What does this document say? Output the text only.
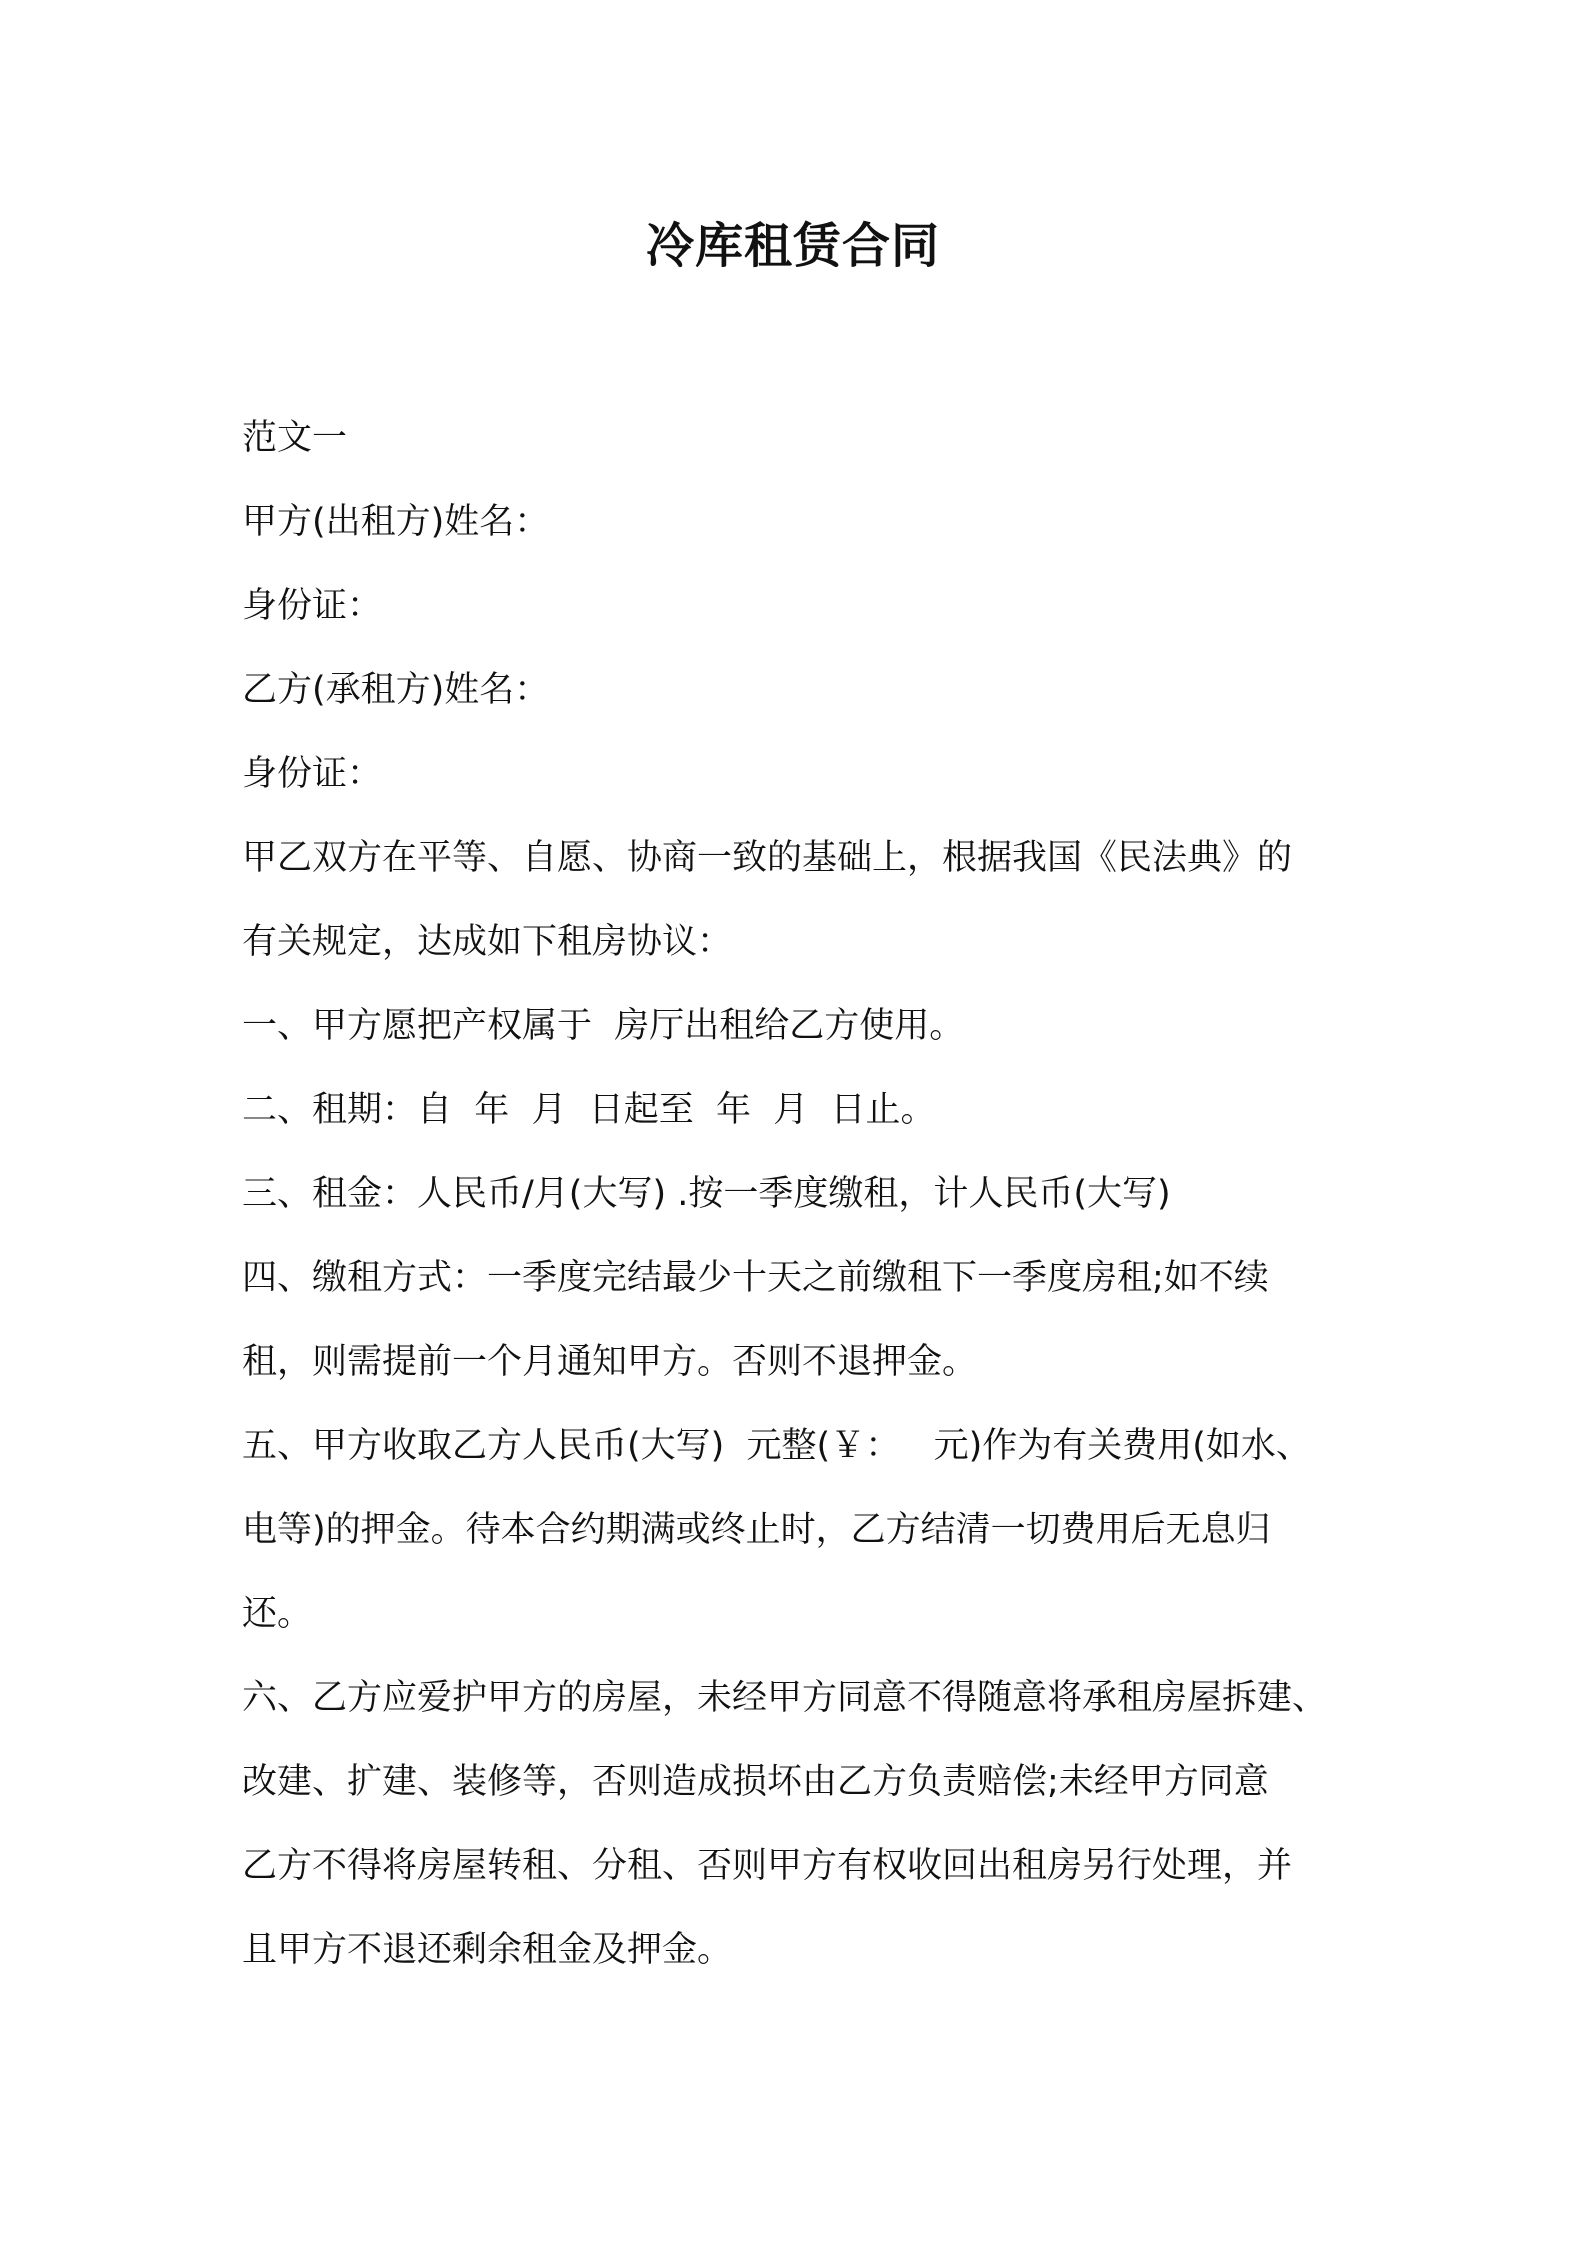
冷库租赁合同
范文一
甲方(出租方)姓名：
身份证：
乙方(承租方)姓名：
身份证：
甲乙双方在平等、自愿、协商一致的基础上，根据我国《民法典》的
有关规定，达成如下租房协议：
一、甲方愿把产权属于  房厅出租给乙方使用。
二、租期：自  年  月  日起至  年  月  日止。
三、租金：人民币/月(大写) .按一季度缴租，计人民币(大写)
四、缴租方式：一季度完结最少十天之前缴租下一季度房租;如不续
租，则需提前一个月通知甲方。否则不退押金。
五、甲方收取乙方人民币(大写)  元整(￥：   元)作为有关费用(如水、
电等)的押金。待本合约期满或终止时，乙方结清一切费用后无息归
还。
六、乙方应爱护甲方的房屋，未经甲方同意不得随意将承租房屋拆建、
改建、扩建、装修等，否则造成损坏由乙方负责赔偿;未经甲方同意
乙方不得将房屋转租、分租、否则甲方有权收回出租房另行处理，并
且甲方不退还剩余租金及押金。
